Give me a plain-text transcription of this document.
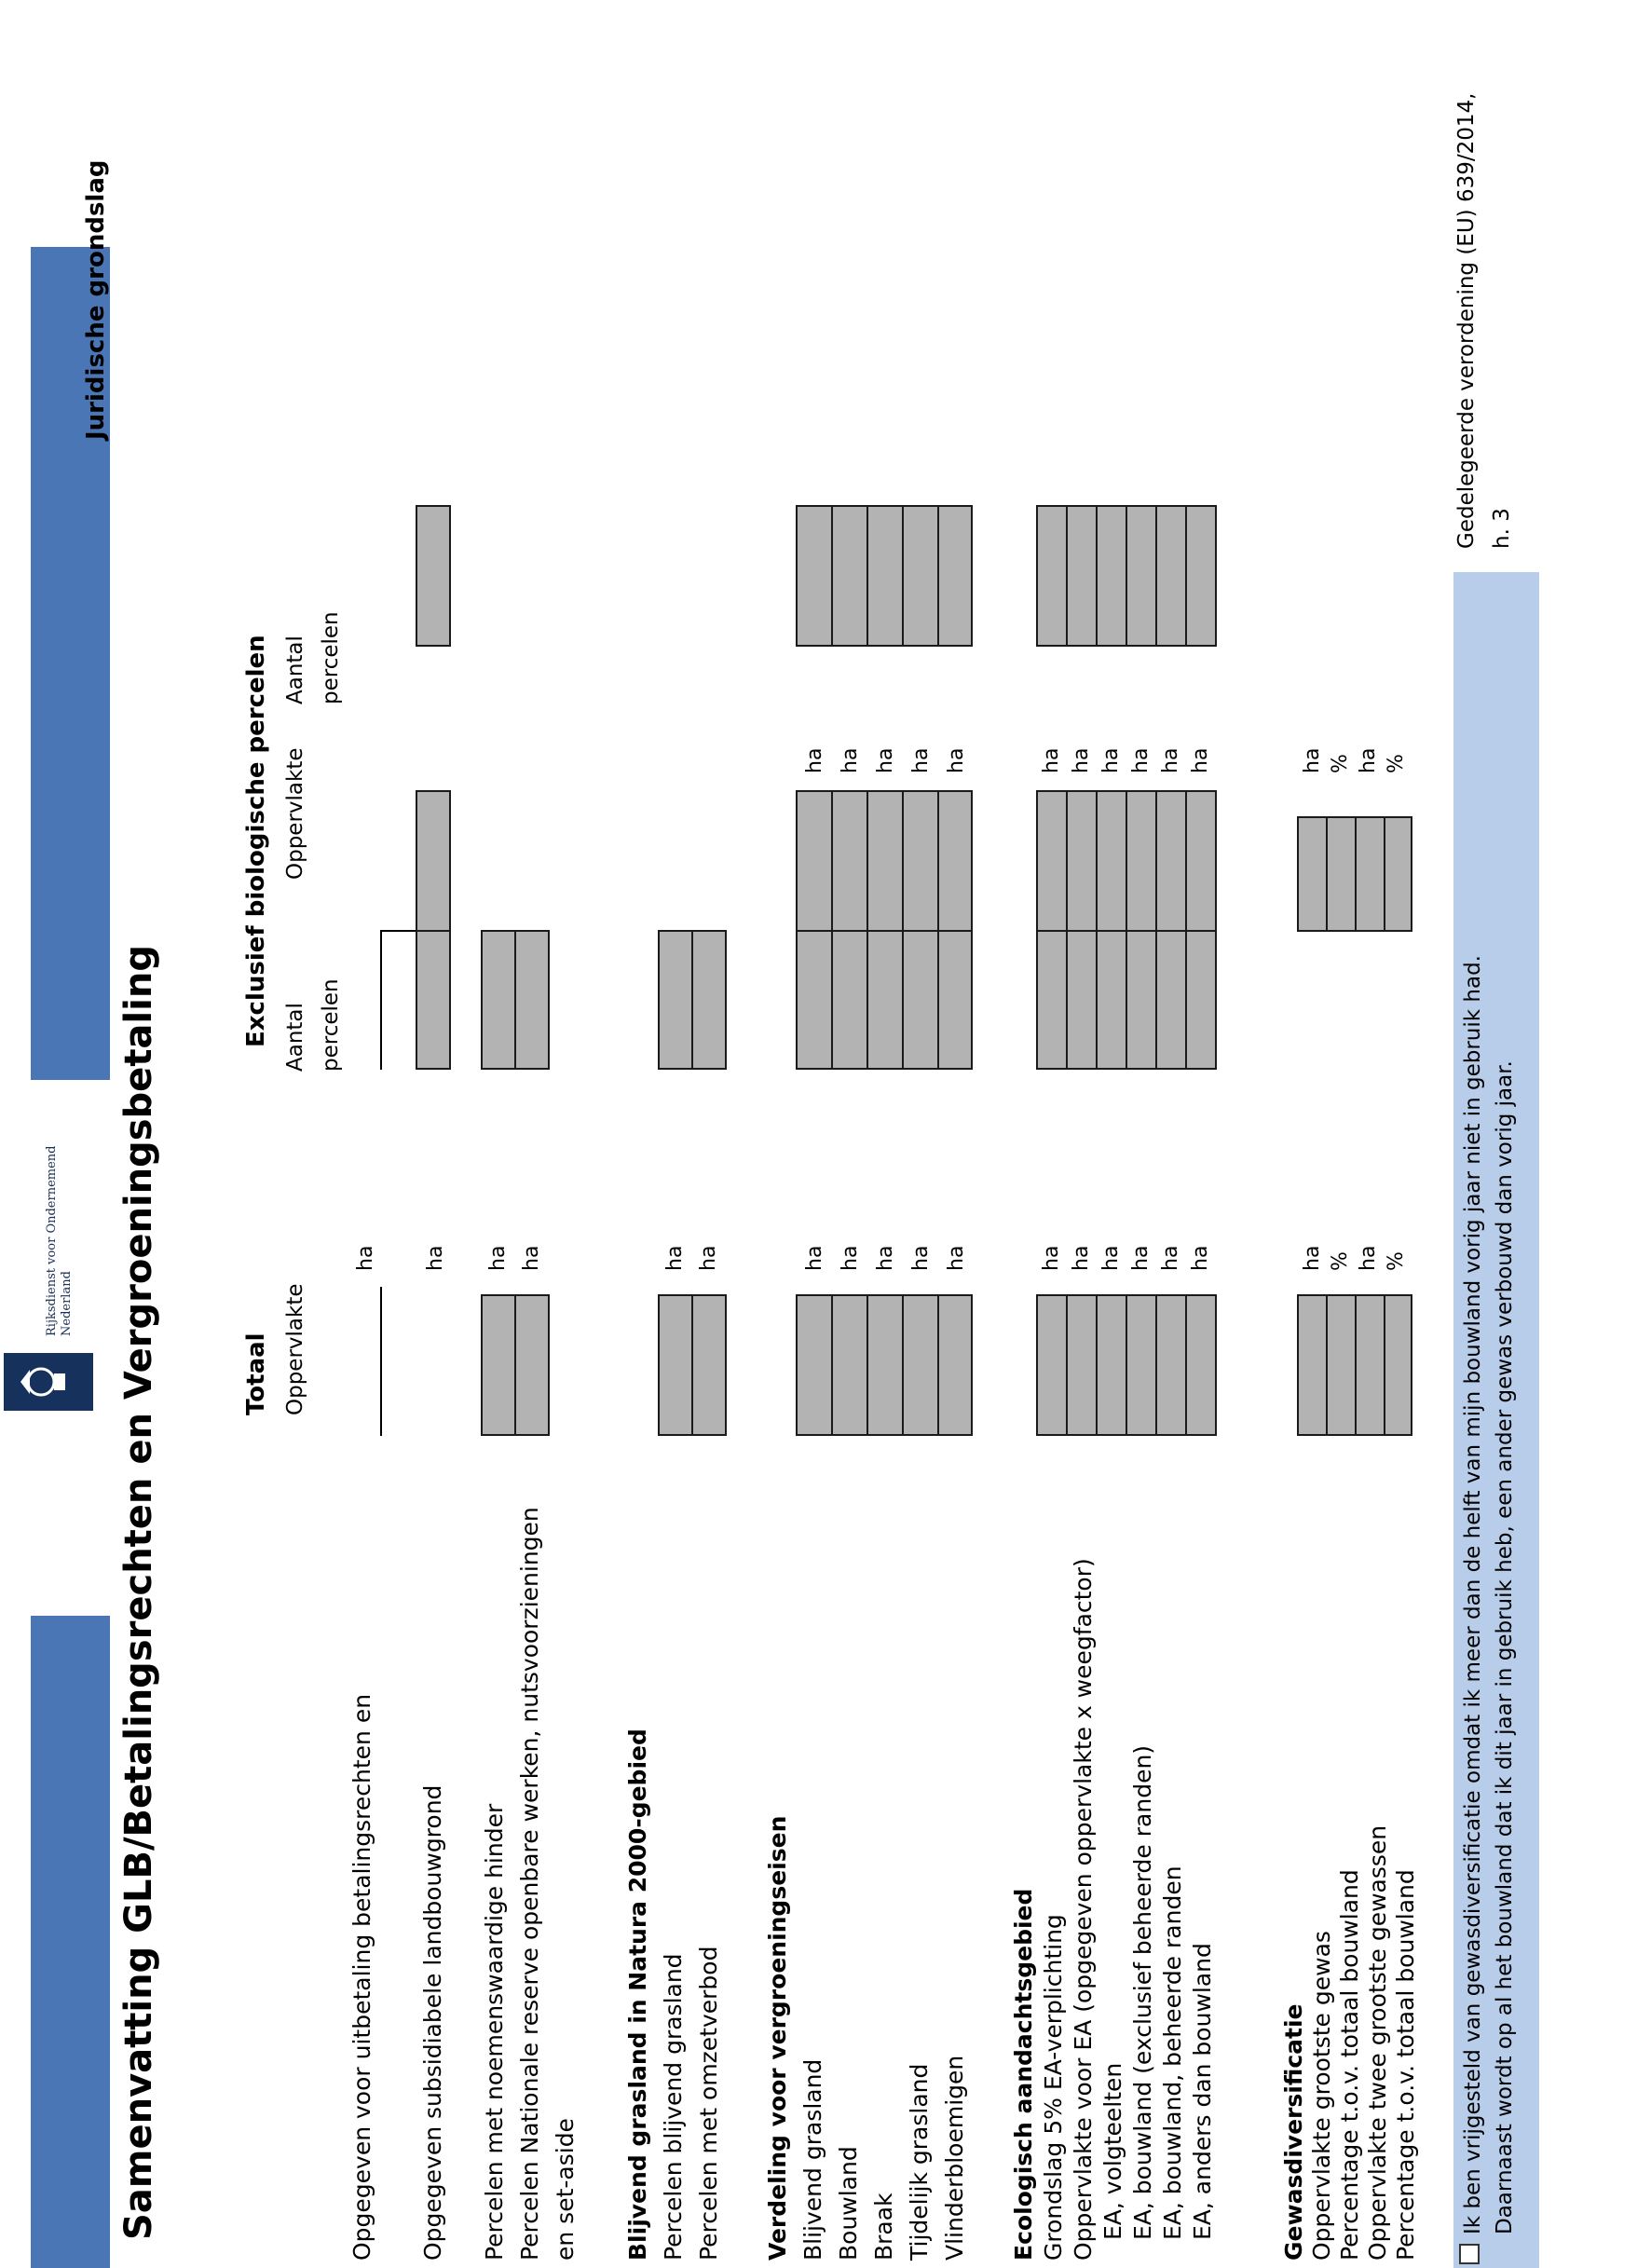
Rijksdienst voor Ondernemend Nederland Samenvatting GLB/Betalingsrechten en Vergroeningsbetaling
Juridische grondslag
Totaal Oppervlakte
Exclusief biologische percelen Aantal percelen
Oppervlakte
Aantal percelen
Opgegeven voor uitbetaling betalingsrechten en Opgegeven subsidiabele landbouwgrond Percelen met noemenswaardige hinder Percelen Nationale reserve openbare werken, nutsvoorzieningen en set-aside
ha ha ha ha
Blijvend grasland in Natura 2000-gebied Percelen blijvend grasland Percelen met omzetverbod
ha ha
Verdeling voor vergroeningseisen Blijvend grasland Bouwland Braak Tijdelijk grasland Vlinderbloemigen
ha ha ha ha ha
ha ha ha ha ha
Ecologisch aandachtsgebied Grondslag 5% EA-verplichting Oppervlakte voor EA (opgegeven oppervlakte x weegfactor) EA, volgteelten EA, bouwland (exclusief beheerde randen) EA, bouwland, beheerde randen EA, anders dan bouwland
ha ha ha ha ha ha
ha ha ha ha ha ha
Gewasdiversificatie Oppervlakte grootste gewas Percentage t.o.v. totaal bouwland Oppervlakte twee grootste gewassen Percentage t.o.v. totaal bouwland
ha % ha %
ha % ha %
Ik ben vrijgesteld van gewasdiversificatie omdat ik meer dan de helft van mijn bouwland vorig jaar niet in gebruik had. Daarnaast wordt op al het bouwland dat ik dit jaar in gebruik heb, een ander gewas verbouwd dan vorig jaar.
Gedelegeerde verordening (EU) 639/2014, h. 3
